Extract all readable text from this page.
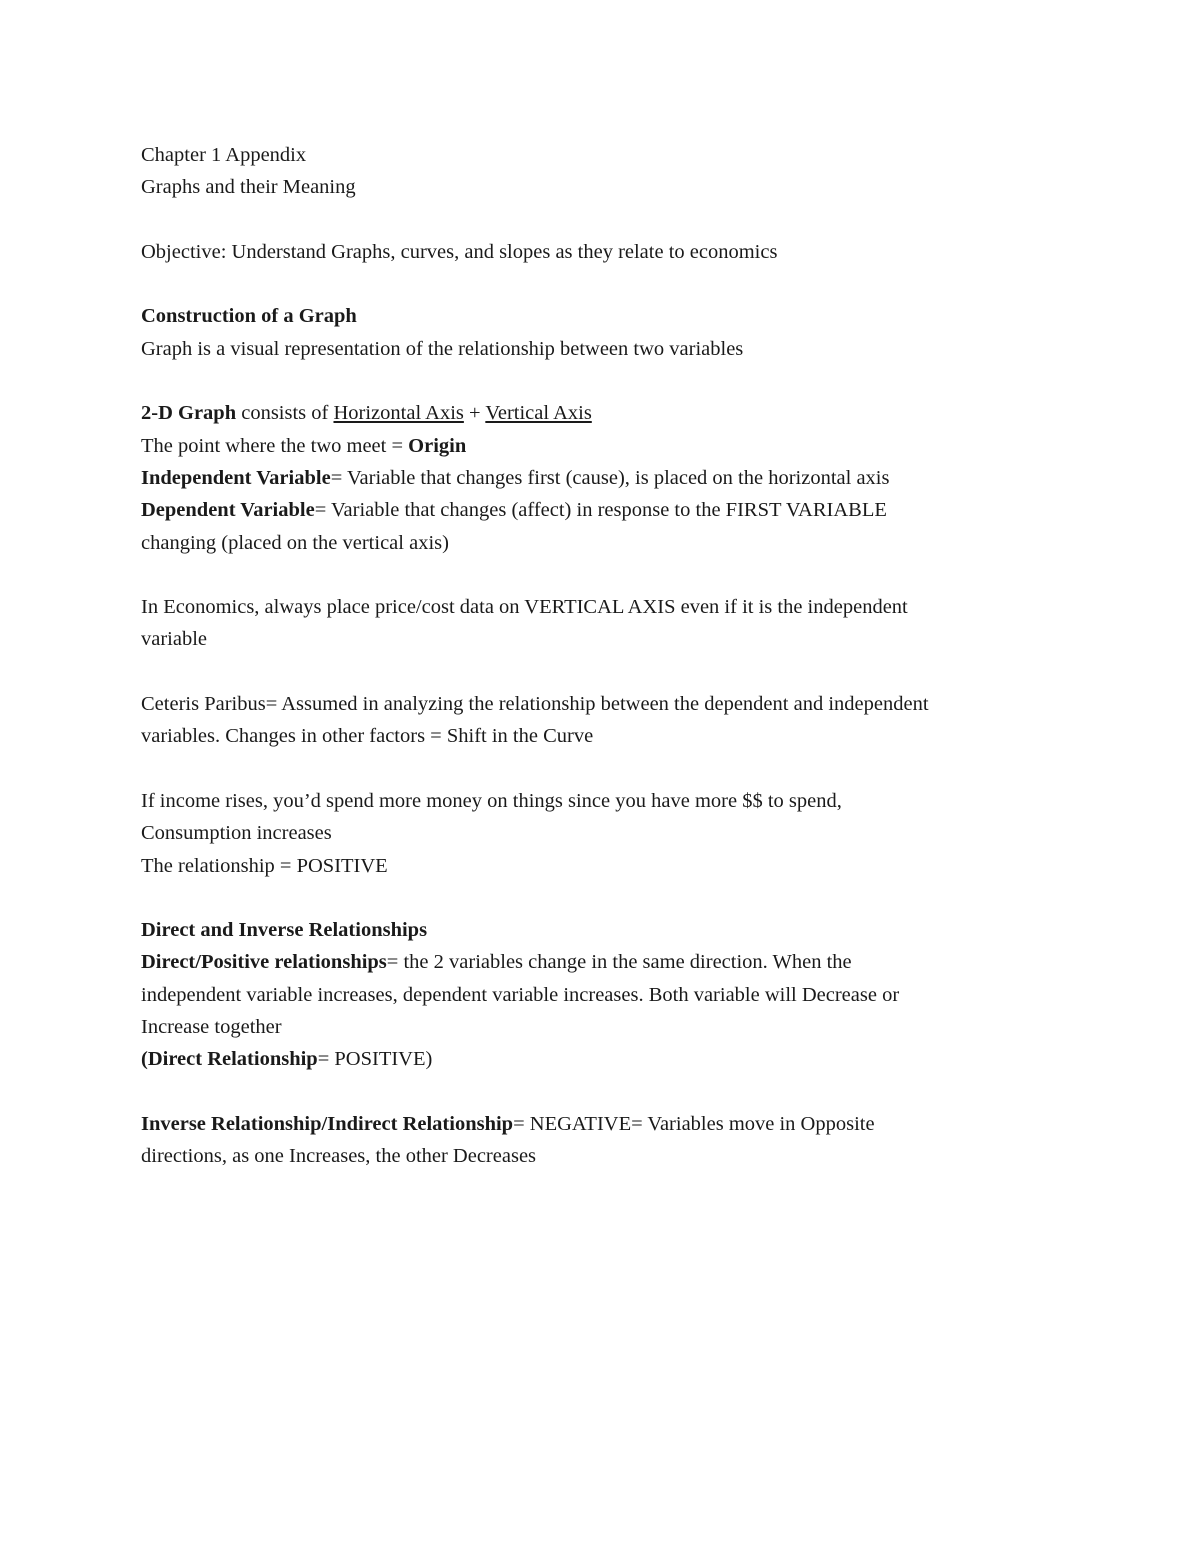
Chapter 1 Appendix
Graphs and their Meaning
Objective: Understand Graphs, curves, and slopes as they relate to economics
Construction of a Graph
Graph is a visual representation of the relationship between two variables
2-D Graph consists of Horizontal Axis + Vertical Axis
The point where the two meet = Origin
Independent Variable= Variable that changes first (cause), is placed on the horizontal axis
Dependent Variable= Variable that changes (affect) in response to the FIRST VARIABLE
changing (placed on the vertical axis)
In Economics, always place price/cost data on VERTICAL AXIS even if it is the independent
variable
Ceteris Paribus= Assumed in analyzing the relationship between the dependent and independent
variables. Changes in other factors = Shift in the Curve
If income rises, you’d spend more money on things since you have more $$ to spend,
Consumption increases
The relationship = POSITIVE
Direct and Inverse Relationships
Direct/Positive relationships= the 2 variables change in the same direction. When the
independent variable increases, dependent variable increases. Both variable will Decrease or
Increase together
(Direct Relationship= POSITIVE)
Inverse Relationship/Indirect Relationship= NEGATIVE= Variables move in Opposite
directions, as one Increases, the other Decreases
